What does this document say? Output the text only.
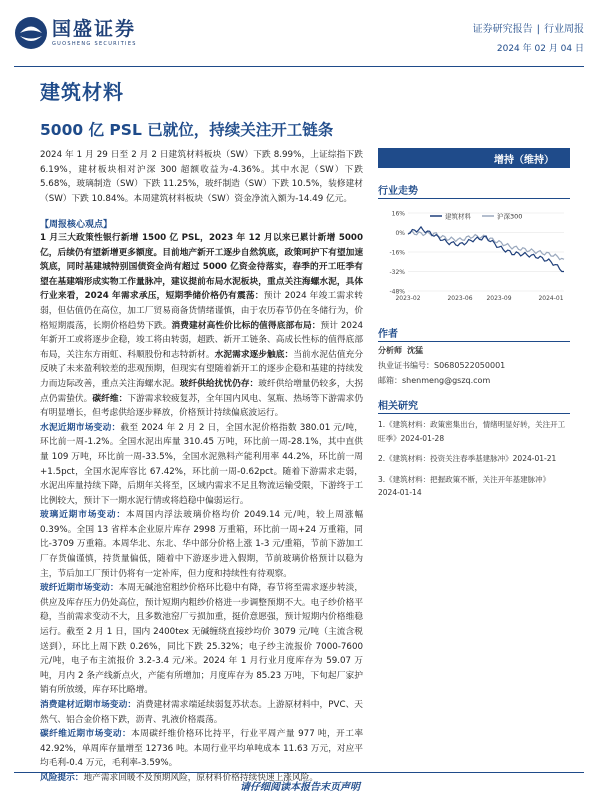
国盛证券
GUOSHENG SECURITIES
证券研究报告 | 行业周报
2024 年 02 月 04 日
建筑材料
5000 亿 PSL 已就位，持续关注开工链条
2024 年 1 月 29 日至 2 月 2 日建筑材料板块（SW）下跌 8.99%，上证综指下跌 6.19%，建材板块相对沪深 300 超额收益为-4.36%。其中水泥（SW）下跌 5.68%，玻璃制造（SW）下跌 11.25%，玻纤制造（SW）下跌 10.5%，装修建材（SW）下跌 10.84%。本周建筑材料板块（SW）资金净流入额为-14.49 亿元。
【周报核心观点】
1 月三大政策性银行新增 1500 亿 PSL，2023 年 12 月以来已累计新增 5000 亿，后续仍有望新增更多额度。目前地产新开工逐步自然筑底，政策呵护下有望加速筑底，同时基建城特别国债资金尚有超过 5000 亿资金待落实，春季的开工旺季有望在基建端形成实物工作量脉冲，建议提前布局水泥板块，重点关注海螺水泥，具体行业来看，2024 年需求承压，短期季储价格仍有震荡：预计 2024 年竣工需求转弱，但估值仍在高位，加工厂贸易商备货情绪谨慎，由于农历春节仍在冬储行为，价格短期震荡，长期价格趋势下跌。消费建材高性价比标的值得底部布局：预计 2024 年新开工或将逐步企稳，竣工将由转弱，超跌、新开工链条、高成长性标的值得底部布局，关注东方雨虹、科顺股份和志特新材。水泥需求逐步触底：当前水泥估值充分反映了未来盈利较差的悲观预期，但现实有望随着新开工的逐步企稳和基建的持续发力而边际改善，重点关注海螺水泥。玻纤供给扰忧仍存：玻纤供给增量仍较多，大拐点仍需蛰伏。碳纤维：下游需求较疲复苏，全年国内风电、氢瓶、热场等下游需求仍有明显增长，但考虑供给逐步释放，价格预计持续偏底波运行。
水泥近期市场变动：截至 2024 年 2 月 2 日，全国水泥价格指数 380.01 元/吨，环比前一周-1.2%。全国水泥出库量 310.45 万吨，环比前一周-28.1%，其中直供量 109 万吨，环比前一周-33.5%，全国水泥熟料产能利用率 44.2%，环比前一周+1.5pct，全国水泥库容比 67.42%，环比前一周-0.62pct。随着下游需求走弱，水泥出库量持续下降，后期年关将至，区域内需求不足且物流运输受限，下游终于工比例较大，预计下一期水泥行情或将趋稳中偏弱运行。
玻璃近期市场变动：本周国内浮法玻璃价格均价 2049.14 元/吨，较上周涨幅 0.39%。全国 13 省样本企业原片库存 2998 万重箱，环比前一周+24 万重箱，同比-3709 万重箱。本周华北、东北、华中部分价格上涨 1-3 元/重箱，节前下游加工厂存货偏谨慎，持货量偏低，随着中下游逐步进入假期，节前玻璃价格预计以稳为主，节后加工厂预计仍将有一定补库，但力度和持续性有待观察。
玻纤近期市场变动：本周无碱池窑粗纱价格环比稳中有降，春节将至需求逐步转淡，供应及库存压力仍处高位，预计短期内粗纱价格进一步调整预期不大。电子纱价格平稳，当前需求变动不大，且多数池窑厂亏损加重，挺价意愿强，预计短期内价格维稳运行。截至 2 月 1 日，国内 2400tex 无碱缠绕直接纱均价 3079 元/吨（主流含税送到），环比上周下跌 0.26%，同比下跌 25.32%；电子纱主流报价 7000-7600 元/吨，电子布主流报价 3.2-3.4 元/米。2024 年 1 月行业月度库存为 59.07 万吨，月内 2 条产线新点火，产能有所增加；月度库存为 85.23 万吨，下旬起厂家护销有所放缓，库存环比略增。
消费建材近期市场变动：消费建材需求端延续弱复苏状态。上游原材料中，PVC、天然气、铝合金价格下跌，沥青、乳液价格震荡。
碳纤维近期市场变动：本周碳纤维价格环比持平，行业平周产量 977 吨，开工率 42.92%，单周库存量增至 12736 吨。本周行业平均单吨成本 11.63 万元，对应平均毛利-0.4 万元，毛利率-3.59%。
风险提示：地产需求回暖不及预期风险，原材料价格持续快速上涨风险。
增持（维持）
行业走势
16%
0%
-16%
-32%
-48%
2023-02	2023-06 2023-09	2024-01
建筑材料	沪深300
作者
分析师 沈猛
执业证书编号：S0680522050001
邮箱：shenmeng@gszq.com
相关研究

1.《建筑材料：政策密集出台，情绪明显好转，关注开工旺季》2024-01-28

2.《建筑材料：投资关注春季基建脉冲》2024-01-21

3.《建筑材料：把握政策不断，关注开年基建脉冲》2024-01-14

请仔细阅读本报告末页声明
